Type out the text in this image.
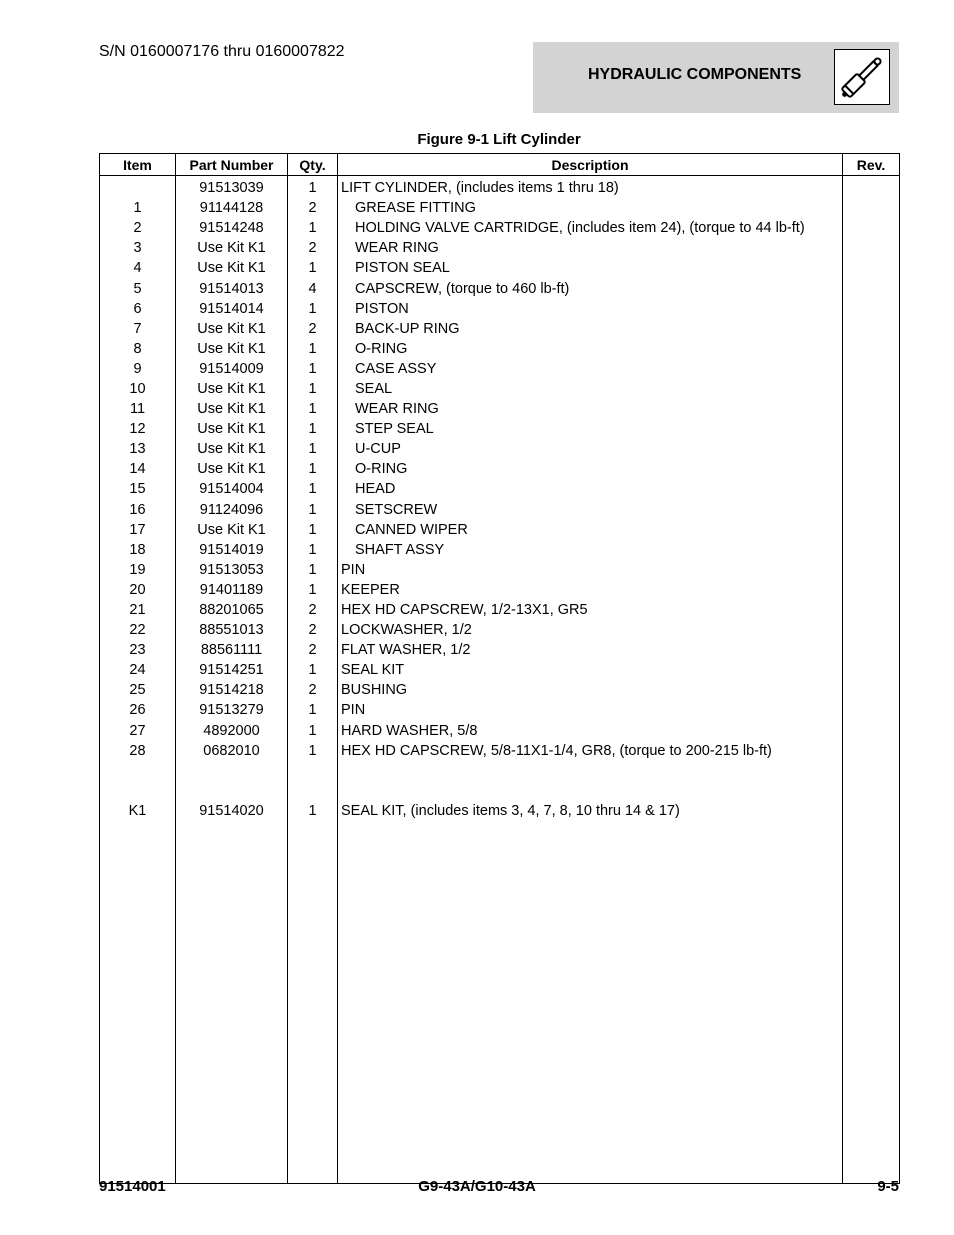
S/N 0160007176 thru 0160007822
HYDRAULIC COMPONENTS
Figure 9-1 Lift Cylinder
Item	Part Number	Qty.	Description	Rev.
	91513039	1	LIFT CYLINDER, (includes items 1 thru 18)	
1	91144128	2	GREASE FITTING	
2	91514248	1	HOLDING VALVE CARTRIDGE, (includes item 24), (torque to 44 lb-ft)	
3	Use Kit K1	2	WEAR RING	
4	Use Kit K1	1	PISTON SEAL	
5	91514013	4	CAPSCREW, (torque to 460 lb-ft)	
6	91514014	1	PISTON	
7	Use Kit K1	2	BACK-UP RING	
8	Use Kit K1	1	O-RING	
9	91514009	1	CASE ASSY	
10	Use Kit K1	1	SEAL	
11	Use Kit K1	1	WEAR RING	
12	Use Kit K1	1	STEP SEAL	
13	Use Kit K1	1	U-CUP	
14	Use Kit K1	1	O-RING	
15	91514004	1	HEAD	
16	91124096	1	SETSCREW	
17	Use Kit K1	1	CANNED WIPER	
18	91514019	1	SHAFT ASSY	
19	91513053	1	PIN	
20	91401189	1	KEEPER	
21	88201065	2	HEX HD CAPSCREW, 1/2-13X1, GR5	
22	88551013	2	LOCKWASHER, 1/2	
23	88561111	2	FLAT WASHER, 1/2	
24	91514251	1	SEAL KIT	
25	91514218	2	BUSHING	
26	91513279	1	PIN	
27	4892000	1	HARD WASHER, 5/8	
28	0682010	1	HEX HD CAPSCREW, 5/8-11X1-1/4, GR8, (torque to 200-215 lb-ft)	

K1	91514020	1	SEAL KIT, (includes items 3, 4, 7, 8, 10 thru 14 & 17)	

91514001	G9-43A/G10-43A	9-5
